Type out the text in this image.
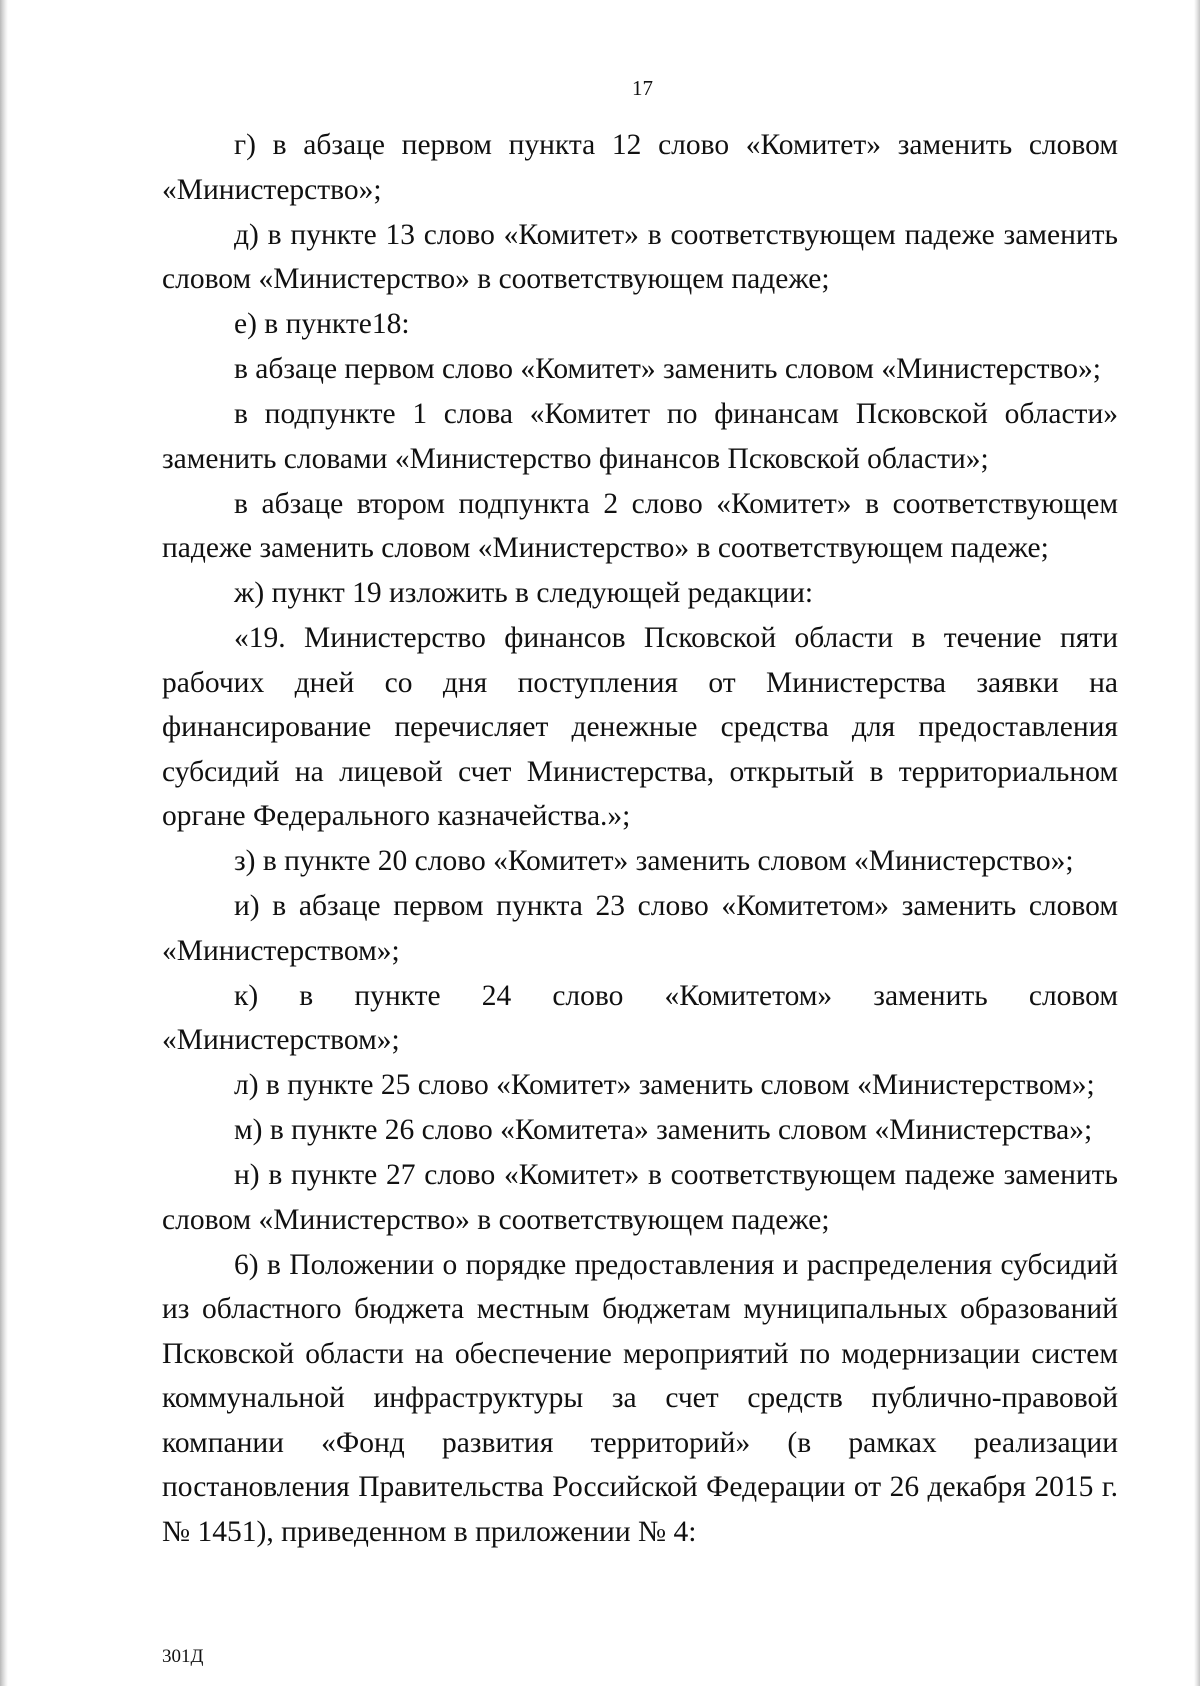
17

г) в абзаце первом пункта 12 слово «Комитет» заменить словом «Министерство»;

д) в пункте 13 слово «Комитет» в соответствующем падеже заменить словом «Министерство» в соответствующем падеже;

е) в пункте18:

в абзаце первом слово «Комитет» заменить словом «Министерство»;

в подпункте 1 слова «Комитет по финансам Псковской области» заменить словами «Министерство финансов Псковской области»;

в абзаце втором подпункта 2 слово «Комитет» в соответствующем падеже заменить словом «Министерство» в соответствующем падеже;

ж) пункт 19 изложить в следующей редакции:

«19. Министерство финансов Псковской области в течение пяти рабочих дней со дня поступления от Министерства заявки на финансирование перечисляет денежные средства для предоставления субсидий на лицевой счет Министерства, открытый в территориальном органе Федерального казначейства.»;

з) в пункте 20 слово «Комитет» заменить словом «Министерство»;

и) в абзаце первом пункта 23 слово «Комитетом» заменить словом «Министерством»;

к) в пункте 24 слово «Комитетом» заменить словом «Министерством»;

л) в пункте 25 слово «Комитет» заменить словом «Министерством»;

м) в пункте 26 слово «Комитета» заменить словом «Министерства»;

н) в пункте 27 слово «Комитет» в соответствующем падеже заменить словом «Министерство» в соответствующем падеже;

6) в Положении о порядке предоставления и распределения субсидий из областного бюджета местным бюджетам муниципальных образований Псковской области на обеспечение мероприятий по модернизации систем коммунальной инфраструктуры за счет средств публично-правовой компании «Фонд развития территорий» (в рамках реализации постановления Правительства Российской Федерации от 26 декабря 2015 г. № 1451), приведенном в приложении № 4:

301Д
